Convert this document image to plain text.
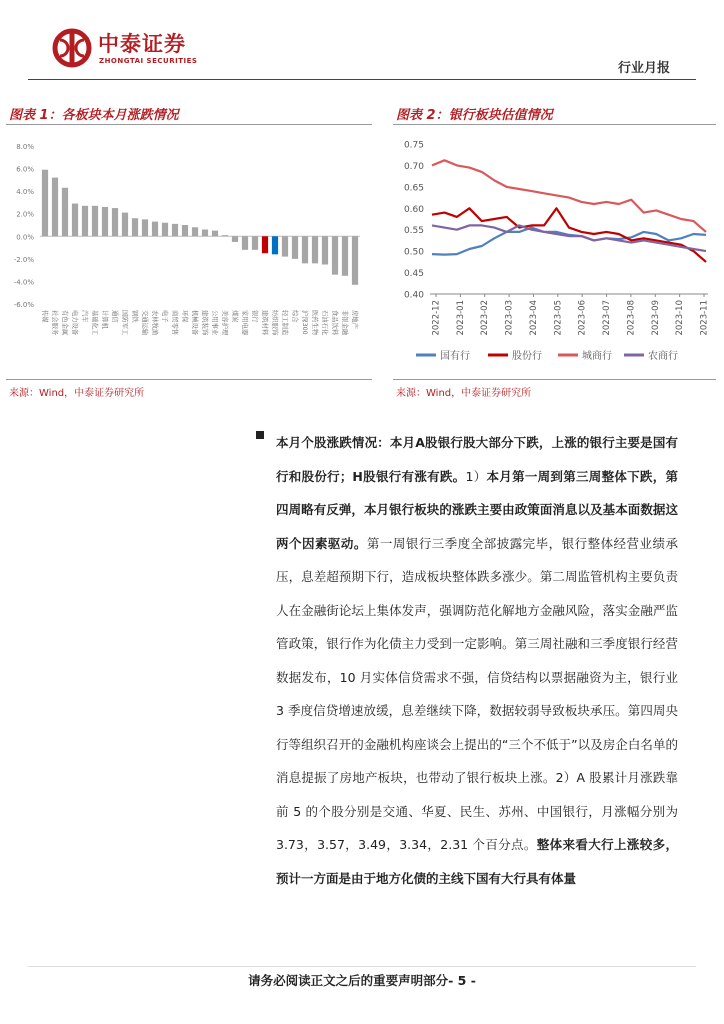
中泰证券
ZHONGTAI SECURITIES	行业月报
图表 1：各板块本月涨跌情况
8.0%
6.0%
4.0%
2.0%
0.0%
-2.0%
-4.0%
-6.0%
传媒 社会服务 有色金属 电力设备 汽车 基础化工 计算机 通信 国防军工 钢铁 交通运输 农林牧渔 电子 商贸零售 环保 机械设备 建筑装饰 公用事业 美容护理 煤炭 家用电器 银行 建筑材料 纺织服饰 轻工制造 综合 沪深300 医药生物 石油石化 食品饮料 非银金融 房地产
来源：Wind，中泰证券研究所
图表 2：银行板块估值情况
0.75
0.70
0.65
0.60
0.55
0.50
0.45
0.40
2022-12 2023-01 2023-02 2023-03 2023-04 2023-05 2023-06 2023-07 2023-08 2023-09 2023-10 2023-11
国有行	股份行	城商行	农商行
来源：Wind，中泰证券研究所
本月个股涨跌情况：本月A股银行股大部分下跌，上涨的银行主要是国有行和股份行；H股银行有涨有跌。1）本月第一周到第三周整体下跌，第四周略有反弹，本月银行板块的涨跌主要由政策面消息以及基本面数据这两个因素驱动。第一周银行三季度全部披露完毕，银行整体经营业绩承压，息差超预期下行，造成板块整体跌多涨少。第二周监管机构主要负责人在金融街论坛上集体发声，强调防范化解地方金融风险，落实金融严监管政策，银行作为化债主力受到一定影响。第三周社融和三季度银行经营数据发布，10 月实体信贷需求不强，信贷结构以票据融资为主，银行业 3 季度信贷增速放缓，息差继续下降，数据较弱导致板块承压。第四周央行等组织召开的金融机构座谈会上提出的“三个不低于”以及房企白名单的消息提振了房地产板块，也带动了银行板块上涨。2）A 股累计月涨跌靠前 5 的个股分别是交通、华夏、民生、苏州、中国银行，月涨幅分别为 3.73，3.57，3.49，3.34，2.31 个百分点。整体来看大行上涨较多，预计一方面是由于地方化债的主线下国有大行具有体量
请务必阅读正文之后的重要声明部分- 5 -
